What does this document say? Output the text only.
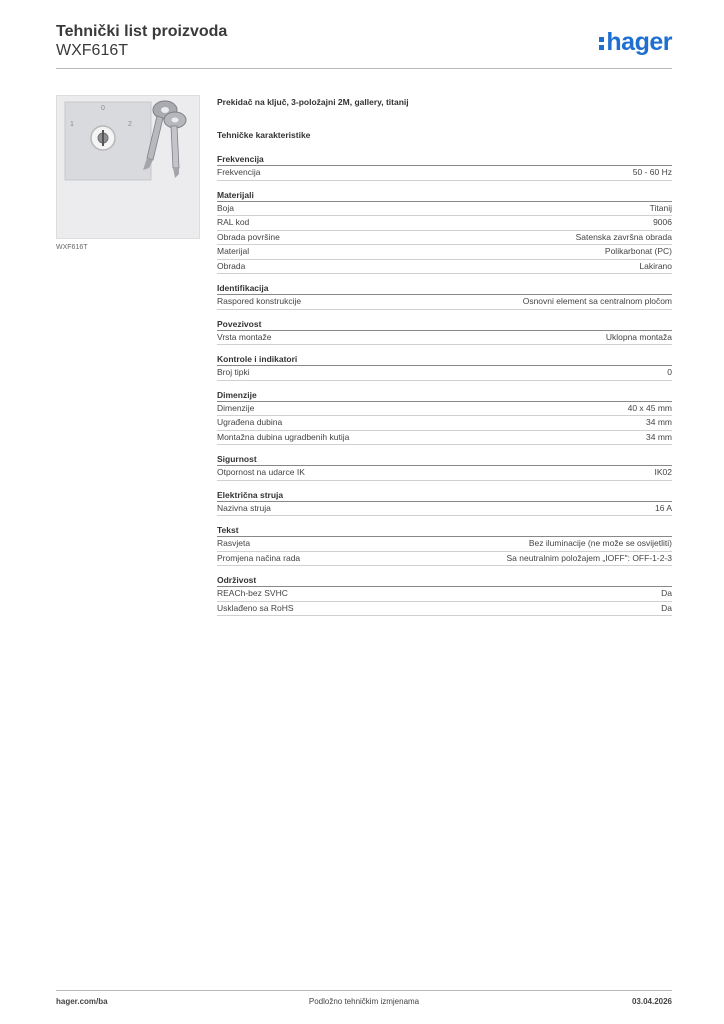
Tehnički list proizvoda

WXF616T	hager
0
1	2
WXF616T
Prekidač na ključ, 3-položajni 2M, gallery, titanij
Tehničke karakteristike
Frekvencija
Frekvencija	50 - 60 Hz
Materijali
Boja	Titanij
RAL kod	9006
Obrada površine	Satenska završna obrada
Materijal	Polikarbonat (PC)
Obrada	Lakirano
Identifikacija
Raspored konstrukcije	Osnovni element sa centralnom pločom
Povezivost
Vrsta montaže	Uklopna montaža
Kontrole i indikatori
Broj tipki	0
Dimenzije
Dimenzije	40 x 45 mm
Ugrađena dubina	34 mm
Montažna dubina ugradbenih kutija	34 mm
Sigurnost
Otpornost na udarce IK	IK02
Električna struja
Nazivna struja	16 A
Tekst
Rasvjeta	Bez iluminacije (ne može se osvijetliti)
Promjena načina rada	Sa neutralnim položajem „IOFF": OFF-1-2-3
Održivost
REACh-bez SVHC	Da
Usklađeno sa RoHS	Da
hager.com/ba	Podložno tehničkim izmjenama	03.04.2026
